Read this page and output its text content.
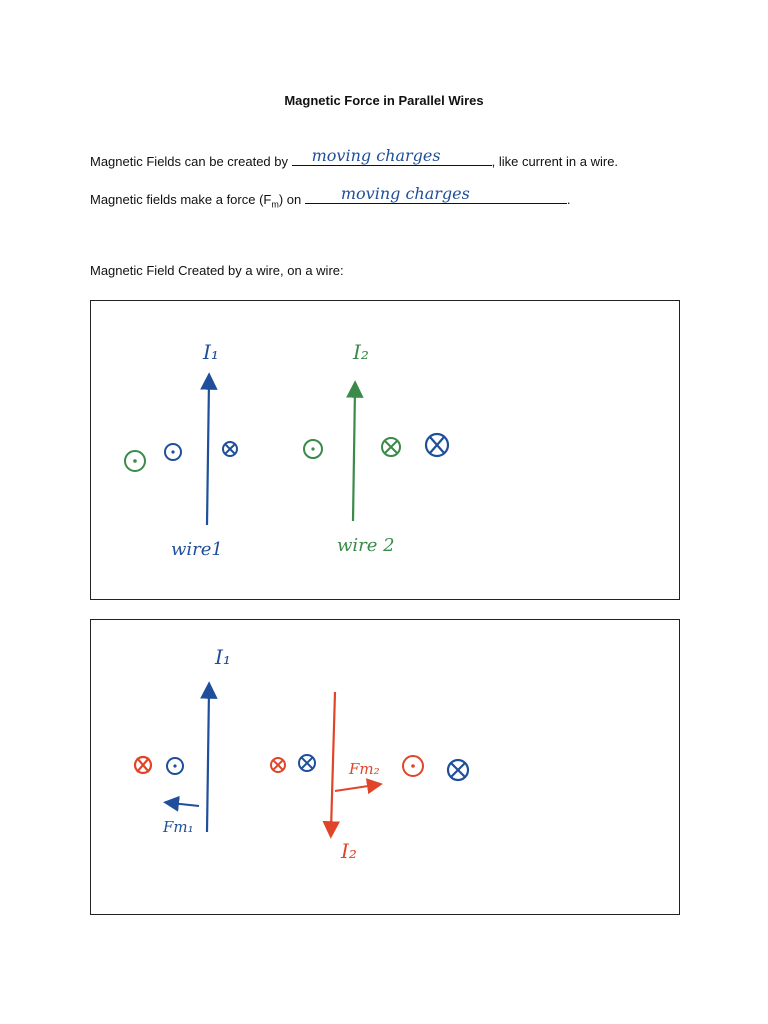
Magnetic Force in Parallel Wires
Magnetic Fields can be created by moving charges	, like current in a wire.
Magnetic fields make a force $(F_m)$ on moving charges	.
Magnetic Field Created by a wire, on a wire:
I₁
wire1
I₂
wire 2
I₁
Fm₁
I₂
Fm₂
